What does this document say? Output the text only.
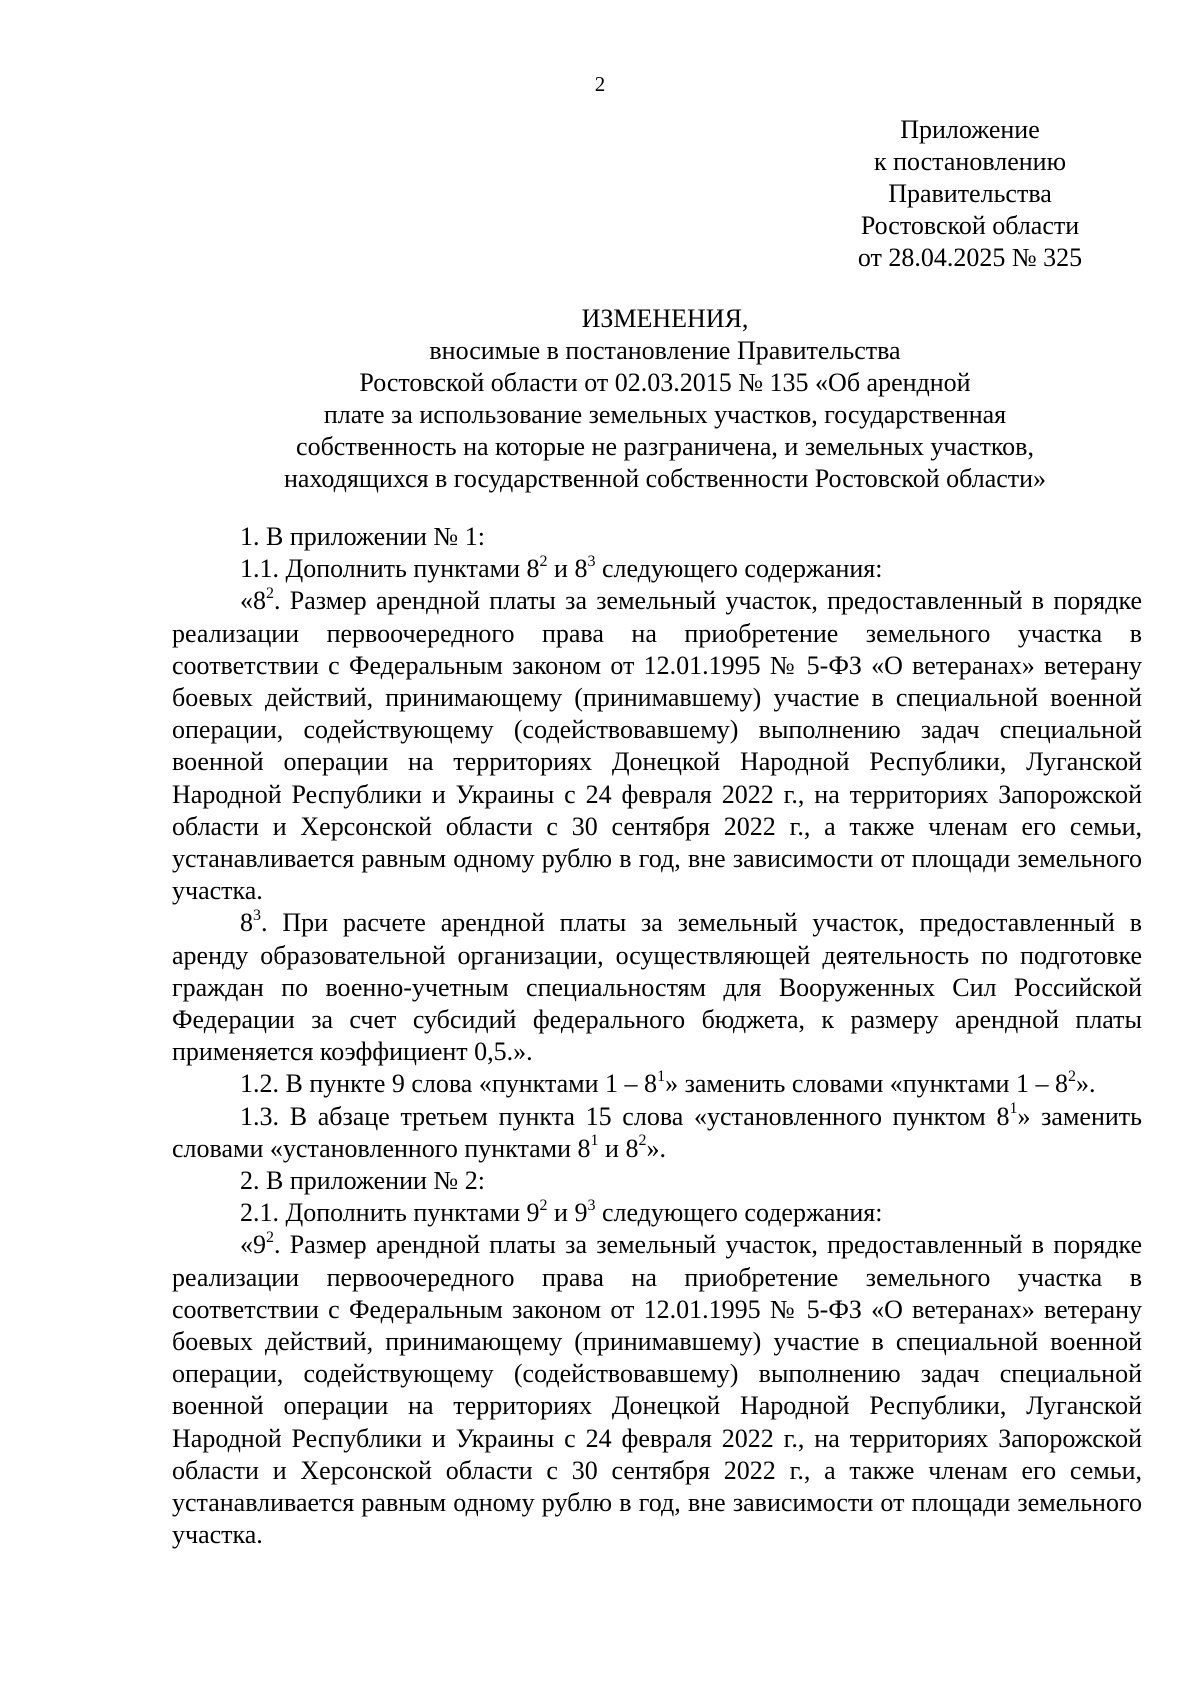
2
Приложение
к постановлению
Правительства
Ростовской области
от 28.04.2025 № 325
ИЗМЕНЕНИЯ,
вносимые в постановление Правительства
Ростовской области от 02.03.2015 № 135 «Об арендной
плате за использование земельных участков, государственная
собственность на которые не разграничена, и земельных участков,
находящихся в государственной собственности Ростовской области»

1. В приложении № 1:

1.1. Дополнить пунктами $8^2$ и $8^3$ следующего содержания:

«$8^2$. Размер арендной платы за земельный участок, предоставленный в порядке реализации первоочередного права на приобретение земельного участка в соответствии с Федеральным законом от 12.01.1995 № 5-ФЗ «О ветеранах» ветерану боевых действий, принимающему (принимавшему) участие в специальной военной операции, содействующему (содействовавшему) выполнению задач специальной военной операции на территориях Донецкой Народной Республики, Луганской Народной Республики и Украины с 24 февраля 2022 г., на территориях Запорожской области и Херсонской области с 30 сентября 2022 г., а также членам его семьи, устанавливается равным одному рублю в год, вне зависимости от площади земельного участка.

$8^3$. При расчете арендной платы за земельный участок, предоставленный в аренду образовательной организации, осуществляющей деятельность по подготовке граждан по военно-учетным специальностям для Вооруженных Сил Российской Федерации за счет субсидий федерального бюджета, к размеру арендной платы применяется коэффициент 0,5.».

1.2. В пункте 9 слова «пунктами $1 - 8^1$» заменить словами «пунктами $1 - 8^2$».

1.3. В абзаце третьем пункта 15 слова «установленного пунктом $8^1$» заменить словами «установленного пунктами $8^1$ и $8^2$».

2. В приложении № 2:

2.1. Дополнить пунктами $9^2$ и $9^3$ следующего содержания:

«$9^2$. Размер арендной платы за земельный участок, предоставленный в порядке реализации первоочередного права на приобретение земельного участка в соответствии с Федеральным законом от 12.01.1995 № 5-ФЗ «О ветеранах» ветерану боевых действий, принимающему (принимавшему) участие в специальной военной операции, содействующему (содействовавшему) выполнению задач специальной военной операции на территориях Донецкой Народной Республики, Луганской Народной Республики и Украины с 24 февраля 2022 г., на территориях Запорожской области и Херсонской области с 30 сентября 2022 г., а также членам его семьи, устанавливается равным одному рублю в год, вне зависимости от площади земельного участка.
